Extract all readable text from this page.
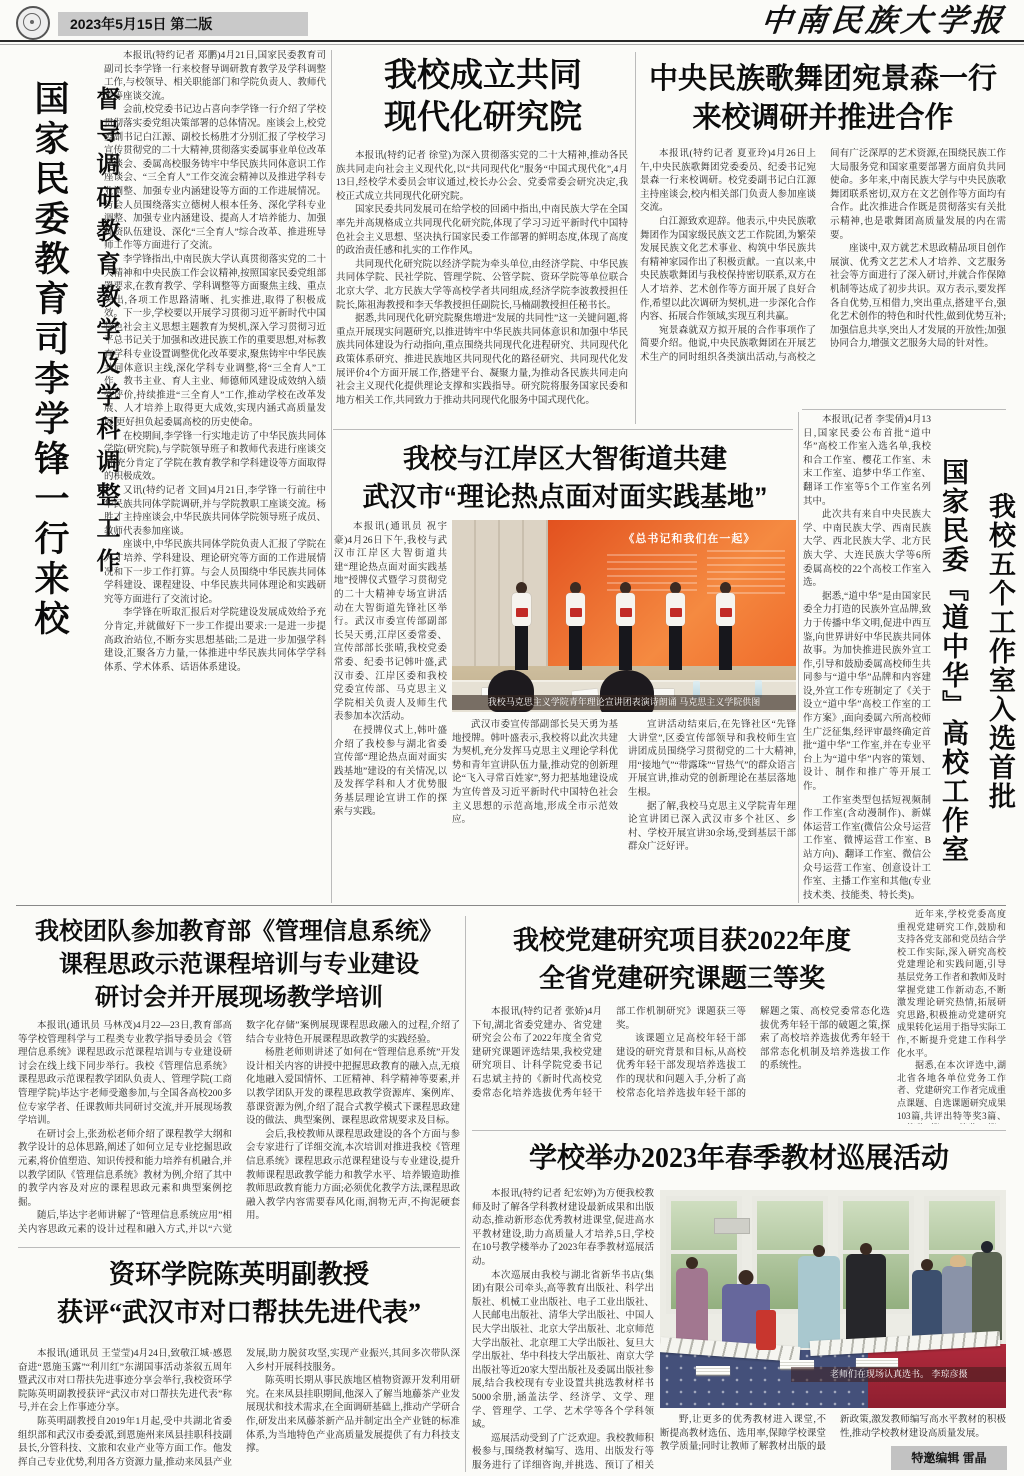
2023年5月15日 第二版	中南民族大学报
国家民委教育司李学锋一行来校 督导调研教育教学及学科调整工作

本报讯(特约记者 郑鹏)4月21日,国家民委教育司副司长李学锋一行来校督导调研教育教学及学科调整工作,与校领导、相关职能部门和学院负责人、教师代表等座谈交流。

会前,校党委书记边占喜向李学锋一行介绍了学校贯彻落实委党组决策部署的总体情况。座谈会上,校党委副书记白江源、副校长杨胜才分别汇报了学校学习宣传贯彻党的二十大精神,贯彻落实委属事业单位改革座谈会、委属高校服务铸牢中华民族共同体意识工作座谈会、“三全育人”工作交流会精神以及推进学科专业调整、加强专业内涵建设等方面的工作进展情况。与会人员围绕落实立德树人根本任务、深化学科专业调整、加强专业内涵建设、提高人才培养能力、加强师资队伍建设、深化“三全育人”综合改革、推进班导师工作等方面进行了交流。

李学锋指出,中南民族大学认真贯彻落实党的二十大精神和中央民族工作会议精神,按照国家民委党组部署要求,在教育教学、学科调整等方面聚焦主线、重点突出,各项工作思路清晰、扎实推进,取得了积极成效。下一步,学校要以开展学习贯彻习近平新时代中国特色社会主义思想主题教育为契机,深入学习贯彻习近平总书记关于加强和改进民族工作的重要思想,对标教育学科专业设置调整优化改革要求,聚焦铸牢中华民族共同体意识主线,深化学科专业调整,将“三全育人”工作、教书主业、育人主业、师德师风建设成效纳入绩效评价,持续推进“三全育人”工作,推动学校在改革发展、人才培养上取得更大成效,实现内涵式高质量发展,更好担负起委属高校的历史使命。

在校期间,李学锋一行实地走访了中华民族共同体学院(研究院),与学院领导班子和教师代表进行座谈交流,充分肯定了学院在教育教学和学科建设等方面取得的积极成效。

又讯(特约记者 文回)4月21日,李学锋一行前往中华民族共同体学院调研,并与学院教职工座谈交流。杨胜才主持座谈会,中华民族共同体学院领导班子成员、教师代表参加座谈。

座谈中,中华民族共同体学院负责人汇报了学院在人才培养、学科建设、理论研究等方面的工作进展情况和下一步工作打算。与会人员围绕中华民族共同体学科建设、课程建设、中华民族共同体理论和实践研究等方面进行了交流讨论。

李学锋在听取汇报后对学院建设发展成效给予充分肯定,并就做好下一步工作提出要求:一是进一步提高政治站位,不断夯实思想基础;二是进一步加强学科建设,汇聚各方力量,一体推进中华民族共同体学学科体系、学术体系、话语体系建设。

我校成立共同
现代化研究院

本报讯(特约记者 徐堂)为深入贯彻落实党的二十大精神,推动各民族共同走向社会主义现代化,以“共同现代化”服务“中国式现代化”,4月13日,经校学术委员会审议通过,校长办公会、党委常委会研究决定,我校正式成立共同现代化研究院。

国家民委共同发展司在给学校的回函中指出,中南民族大学在全国率先并高规格成立共同现代化研究院,体现了学习习近平新时代中国特色社会主义思想、坚决执行国家民委工作部署的鲜明态度,体现了高度的政治责任感和扎实的工作作风。

共同现代化研究院以经济学院为牵头单位,由经济学院、中华民族共同体学院、民社学院、管理学院、公管学院、资环学院等单位联合北京大学、北方民族大学等高校学者共同组成,经济学院李波教授担任院长,陈祖海教授和李天华教授担任副院长,马楠副教授担任秘书长。

据悉,共同现代化研究院聚焦增进“发展的共同性”这一关键问题,将重点开展现实问题研究,以推进铸牢中华民族共同体意识和加强中华民族共同体建设为行动指向,重点围绕共同现代化进程研究、共同现代化政策体系研究、推进民族地区共同现代化的路径研究、共同现代化发展评价4个方面开展工作,搭建平台、凝聚力量,为推动各民族共同走向社会主义现代化提供理论支撑和实践指导。研究院将服务国家民委和地方相关工作,共同致力于推动共同现代化服务中国式现代化。

中央民族歌舞团宛景森一行
来校调研并推进合作

本报讯(特约记者 夏亚玲)4月26日上午,中央民族歌舞团党委委员、纪委书记宛景森一行来校调研。校党委副书记白江源主持座谈会,校内相关部门负责人参加座谈交流。

白江源致欢迎辞。他表示,中央民族歌舞团作为国家级民族文艺工作院团,为繁荣发展民族文化艺术事业、构筑中华民族共有精神家园作出了积极贡献。一直以来,中央民族歌舞团与我校保持密切联系,双方在人才培养、艺术创作等方面开展了良好合作,希望以此次调研为契机,进一步深化合作内容、拓展合作领域,实现互利共赢。

宛景森就双方拟开展的合作事项作了简要介绍。他说,中央民族歌舞团在开展艺术生产的同时组织各类演出活动,与高校之间有广泛深厚的艺术资源,在围绕民族工作大局服务党和国家重要部署方面肩负共同使命。多年来,中南民族大学与中央民族歌舞团联系密切,双方在文艺创作等方面均有合作。此次推进合作既是贯彻落实有关批示精神,也是歌舞团高质量发展的内在需要。

座谈中,双方就艺术思政精品项目创作展演、优秀文艺艺术人才培养、文艺服务社会等方面进行了深入研讨,并就合作保障机制等达成了初步共识。双方表示,要发挥各自优势,互相借力,突出重点,搭建平台,强化艺术创作的特色和时代性,做到优势互补;加强信息共享,突出人才发展的开放性;加强协同合力,增强文艺服务大局的针对性。

我校与江岸区大智街道共建
武汉市“理论热点面对面实践基地”

本报讯(通讯员 祝宇豪)4月26日下午,我校与武汉市江岸区大智街道共建“理论热点面对面实践基地”授牌仪式暨学习贯彻党的二十大精神专场宣讲活动在大智街道先锋社区举行。武汉市委宣传部副部长吴天勇,江岸区委常委、宣传部部长张晴,我校党委常委、纪委书记韩叶盛,武汉市委、江岸区委和我校党委宣传部、马克思主义学院相关负责人及师生代表参加本次活动。

在授牌仪式上,韩叶盛介绍了我校参与湖北省委宣传部“理论热点面对面实践基地”建设的有关情况,以及发挥学科和人才优势服务基层理论宣讲工作的探索与实践。

《总书记和我们在一起》
我校马克思主义学院青年理论宣讲团表演诗朗诵 马克思主义学院供图

武汉市委宣传部副部长吴天勇为基地授牌。韩叶盛表示,我校将以此次共建为契机,充分发挥马克思主义理论学科优势和青年宣讲队伍力量,推动党的创新理论“飞入寻常百姓家”,努力把基地建设成为宣传普及习近平新时代中国特色社会主义思想的示范高地,形成全市示范效应。

宣讲活动结束后,在先锋社区“先锋大讲堂”,区委宣传部领导和我校师生宣讲团成员围绕学习贯彻党的二十大精神,用“接地气”“带露珠”“冒热气”的群众语言开展宣讲,推动党的创新理论在基层落地生根。

据了解,我校马克思主义学院青年理论宣讲团已深入武汉市多个社区、乡村、学校开展宣讲30余场,受到基层干部群众广泛好评。

本报讯(记者 李雯倩)4月13日,国家民委公布首批“道中华”高校工作室入选名单,我校和合工作室、樱花工作室、未末工作室、追梦中华工作室、翻译工作室等5个工作室名列其中。

此次共有来自中央民族大学、中南民族大学、西南民族大学、西北民族大学、北方民族大学、大连民族大学等6所委属高校的22个高校工作室入选。

据悉,“道中华”是由国家民委全力打造的民族外宣品牌,致力于传播中华文明,促进中西互鉴,向世界讲好中华民族共同体故事。为加快推进民族外宣工作,引导和鼓励委属高校师生共同参与“道中华”品牌和内容建设,外宣工作专班制定了《关于设立“道中华”高校工作室的工作方案》,面向委属六所高校师生广泛征集,经评审最终确定首批“道中华”工作室,并在专业平台上为“道中华”内容的策划、设计、制作和推广等开展工作。

工作室类型包括短视频制作工作室(含动漫制作)、新媒体运营工作室(微信公众号运营工作室、微博运营工作室、B站方向)、翻译工作室、微信公众号运营工作室、创意设计工作室、主播工作室和其他(专业技术类、技能类、特长类)。

国家民委『道中华』高校工作室 我校五个工作室入选首批
我校团队参加教育部《管理信息系统》
课程思政示范课程培训与专业建设
研讨会并开展现场教学培训

本报讯(通讯员 马林茂)4月22—23日,教育部高等学校管理科学与工程类专业教学指导委员会《管理信息系统》课程思政示范课程培训与专业建设研讨会在线上线下同步举行。我校《管理信息系统》课程思政示范课程教学团队负责人、管理学院(工商管理学院)毕达宇老师受邀参加,与全国各高校200多位专家学者、任课教师共同研讨交流,并开展现场教学培训。

在研讨会上,张劲松老师介绍了课程教学大纲和教学设计的总体思路,阐述了如何立足专业挖掘思政元素,将价值塑造、知识传授和能力培养有机融合,并以教学团队《管理信息系统》教材为例,介绍了其中的教学内容及对应的课程思政元素和典型案例挖掘。

随后,毕达宇老师讲解了“管理信息系统应用”相关内容思政元素的设计过程和融入方式,并以“六觉数字化存储”案例展现课程思政融入的过程,介绍了结合专业特色开展课程思政教学的实践经验。

杨胜老师则讲述了如何在“管理信息系统”开发设计相关内容的讲授中把握思政教育的融入点,无痕化地融入爱国情怀、工匠精神、科学精神等要素,并以教学团队开发的课程思政教学资源库、案例库、慕课资源为例,介绍了混合式教学模式下课程思政建设的做法、典型案例、课程思政常规要求及目标。

会后,我校教师从课程思政建设的各个方面与参会专家进行了详细交流,本次培训对推进我校《管理信息系统》课程思政示范课程建设与专业建设,提升教师课程思政教学能力和教学水平、培养锻造助推教师思政教育能力方面;必须优化教学方法,课程思政融入教学内容需要春风化雨,润物无声,不拘泥硬套用。

资环学院陈英明副教授
获评“武汉市对口帮扶先进代表”

本报讯(通讯员 王莹莹)4月24日,致敬江城·感恩奋进“恩施玉露”“利川红”东湖国事活动茶叙五周年暨武汉市对口帮扶先进事迹分享会举行,我校资环学院陈英明副教授获评“武汉市对口帮扶先进代表”称号,并在会上作事迹分享。

陈英明副教授自2019年1月起,受中共湖北省委组织部和武汉市委委派,到恩施州来凤县挂职科技副县长,分管科技、文旅和农业产业等方面工作。他发挥自己专业优势,利用各方资源力量,推动来凤县产业发展,助力脱贫攻坚,实现产业振兴,其间多次带队深入乡村开展科技服务。

陈英明长期从事民族地区植物资源开发利用研究。在来凤县挂职期间,他深入了解当地藤茶产业发展现状和技术需求,在全面调研基础上,推动产学研合作,研发出来凤藤茶新产品并制定出全产业链的标准体系,为当地特色产业高质量发展提供了有力科技支撑。

我校党建研究项目获2022年度
全省党建研究课题三等奖

本报讯(特约记者 张娇)4月下旬,湖北省委党建办、省党建研究会公布了2022年度全省党建研究课题评选结果,我校党建研究项目、计科学院党委书记石忠斌主持的《新时代高校党委常态化培养选拔优秀年轻干部工作机制研究》课题获三等奖。

该课题立足高校年轻干部建设的研究背景和目标,从高校优秀年轻干部发现培养选拔工作的现状和问题入手,分析了高校常态化培养选拔年轻干部的解题之策、高校党委常态化选拔优秀年轻干部的破题之策,探索了高校培养选拔优秀年轻干部常态化机制及培养选拔工作的系统性。

近年来,学校党委高度重视党建研究工作,鼓励和支持各党支部和党员结合学校工作实际,深入研究高校党建理论和实践问题,引导基层党务工作者和教师及时掌握党建工作新动态,不断激发理论研究热情,拓展研究思路,积极推动党建研究成果转化运用于指导实际工作,不断提升党建工作科学化水平。

据悉,在本次评选中,湖北省各地各单位党务工作者、党建研究工作者完成重点课题、自选课题研究成果103篇,共评出特等奖3篇、

学校举办2023年春季教材巡展活动

本报讯(特约记者 纪宏婷)为方便我校教师及时了解各学科教材建设最新成果和出版动态,推动新形态优秀教材进课堂,促进高水平教材建设,助力高质量人才培养,5日,学校在10号教学楼举办了2023年春季教材巡展活动。

本次巡展由我校与湖北省新华书店(集团)有限公司牵头,高等教育出版社、科学出版社、机械工业出版社、电子工业出版社、人民邮电出版社、清华大学出版社、中国人民大学出版社、北京大学出版社、北京师范大学出版社、北京理工大学出版社、复旦大学出版社、华中科技大学出版社、南京大学出版社等近20家大型出版社及委属出版社参展,结合我校现有专业设置共挑选教材样书5000余册,涵盖法学、经济学、文学、理学、管理学、工学、艺术学等各个学科领域。

巡展活动受到了广泛欢迎。我校教师积极参与,围绕教材编写、选用、出版发行等服务进行了详细咨询,并挑选、预订了相关

老师们在现场认真选书。 李琼彦摄

野,让更多的优秀教材进入课堂,不断提高教材选伍、选用率,保障学校课堂教学质量;同时让教师了解教材出版的最新政策,激发教师编写高水平教材的积极性,推动学校教材建设高质量发展。

特邀编辑 雷晶
